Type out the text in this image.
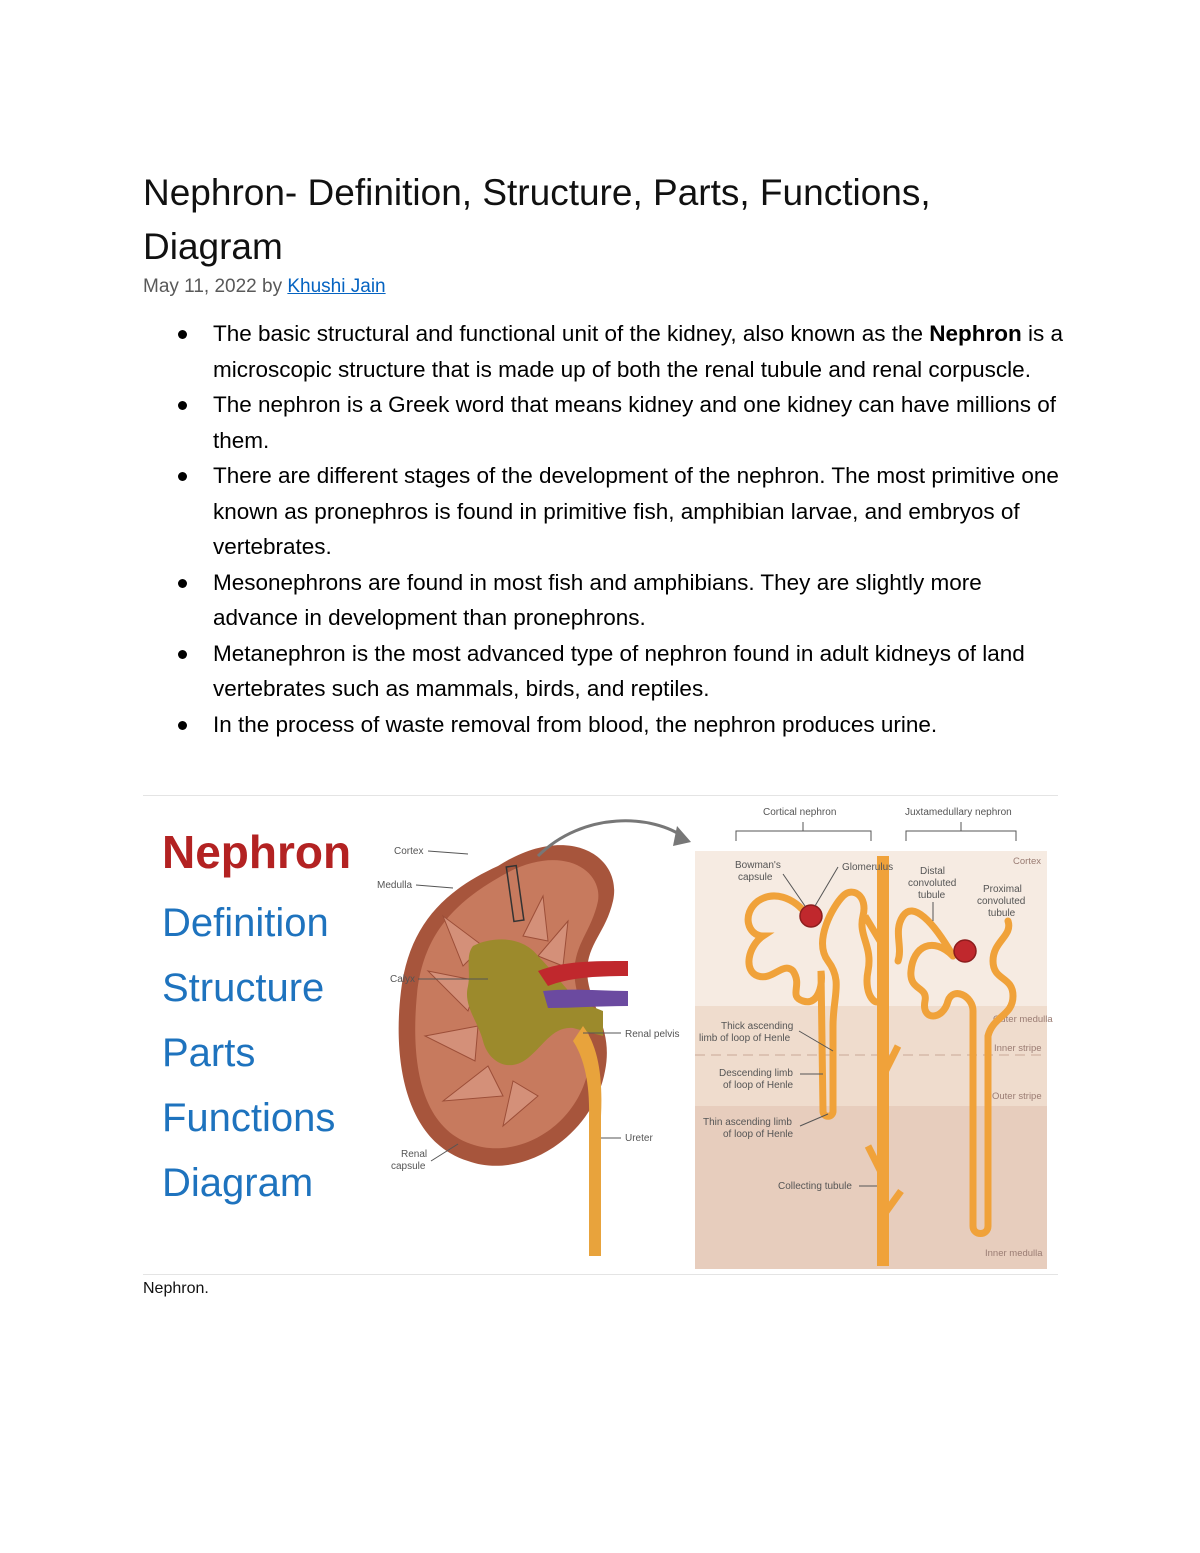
Nephron- Definition, Structure, Parts, Functions, Diagram
May 11, 2022 by Khushi Jain
The basic structural and functional unit of the kidney, also known as the Nephron is a microscopic structure that is made up of both the renal tubule and renal corpuscle.
The nephron is a Greek word that means kidney and one kidney can have millions of them.
There are different stages of the development of the nephron. The most primitive one known as pronephros is found in primitive fish, amphibian larvae, and embryos of vertebrates.
Mesonephrons are found in most fish and amphibians. They are slightly more advance in development than pronephrons.
Metanephron is the most advanced type of nephron found in adult kidneys of land vertebrates such as mammals, birds, and reptiles.
In the process of waste removal from blood, the nephron produces urine.
Nephron
Definition
Structure
Parts
Functions
Diagram
Cortex
Medulla
Calyx
Renal pelvis
Ureter
Renal
capsule
Cortex
Outer medulla
Inner stripe
Outer stripe
Inner medulla
Cortical nephron	Juxtamedullary nephron
Bowman's
capsule
Glomerulus	Distal
convoluted
tubule
Proximal
convoluted
tubule
Thick ascending
limb of loop of Henle
Descending limb
of loop of Henle
Thin ascending limb
of loop of Henle
Collecting tubule
Nephron.
